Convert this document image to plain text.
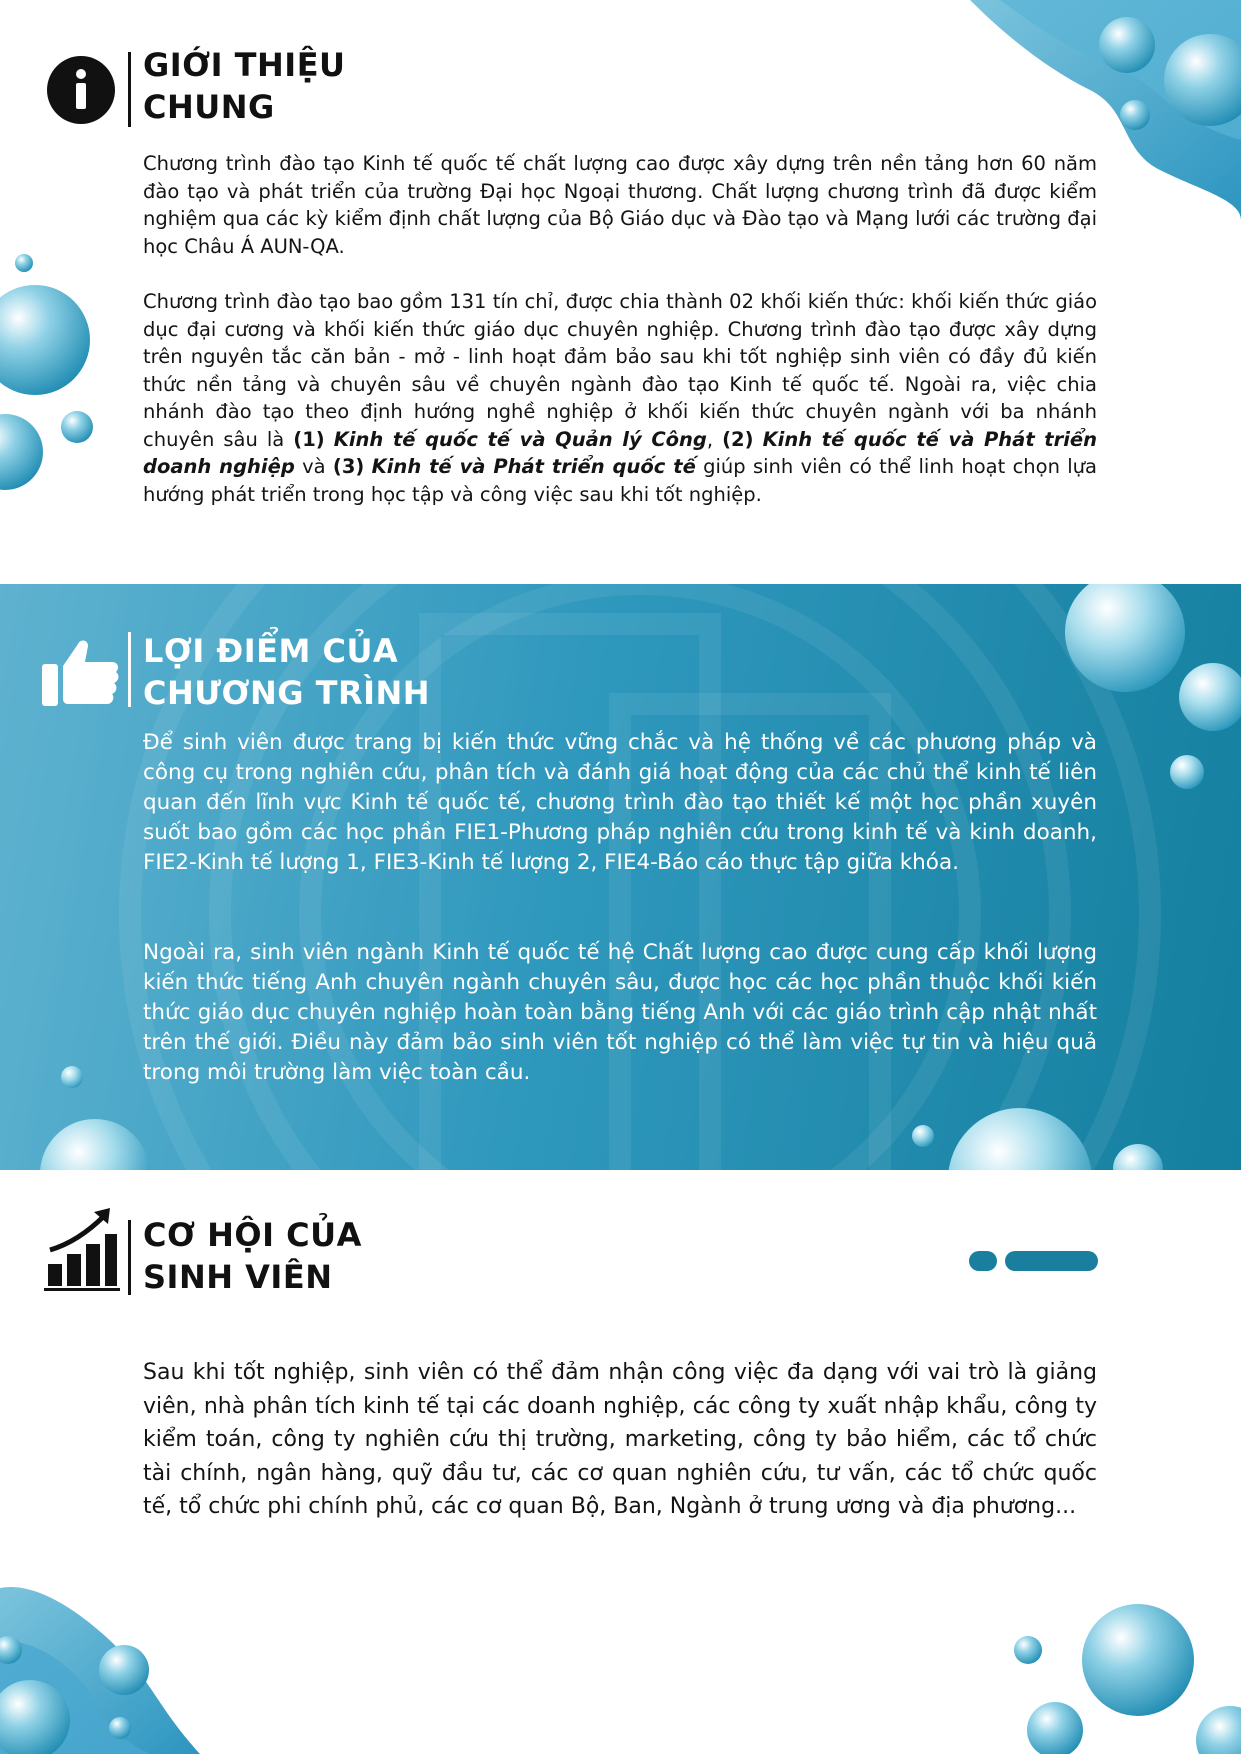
GIỚI THIỆU
CHUNG

Chương trình đào tạo Kinh tế quốc tế chất lượng cao được xây dựng trên nền tảng hơn 60 năm đào tạo và phát triển của trường Đại học Ngoại thương. Chất lượng chương trình đã được kiểm nghiệm qua các kỳ kiểm định chất lượng của Bộ Giáo dục và Đào tạo và Mạng lưới các trường đại học Châu Á AUN-QA.

Chương trình đào tạo bao gồm 131 tín chỉ, được chia thành 02 khối kiến thức: khối kiến thức giáo dục đại cương và khối kiến thức giáo dục chuyên nghiệp. Chương trình đào tạo được xây dựng trên nguyên tắc căn bản - mở - linh hoạt đảm bảo sau khi tốt nghiệp sinh viên có đầy đủ kiến thức nền tảng và chuyên sâu về chuyên ngành đào tạo Kinh tế quốc tế. Ngoài ra, việc chia nhánh đào tạo theo định hướng nghề nghiệp ở khối kiến thức chuyên ngành với ba nhánh chuyên sâu là (1) Kinh tế quốc tế và Quản lý Công, (2) Kinh tế quốc tế và Phát triển doanh nghiệp và (3) Kinh tế và Phát triển quốc tế giúp sinh viên có thể linh hoạt chọn lựa hướng phát triển trong học tập và công việc sau khi tốt nghiệp.

LỢI ĐIỂM CỦA
CHƯƠNG TRÌNH

Để sinh viên được trang bị kiến thức vững chắc và hệ thống về các phương pháp và công cụ trong nghiên cứu, phân tích và đánh giá hoạt động của các chủ thể kinh tế liên quan đến lĩnh vực Kinh tế quốc tế, chương trình đào tạo thiết kế một học phần xuyên suốt bao gồm các học phần FIE1-Phương pháp nghiên cứu trong kinh tế và kinh doanh, FIE2-Kinh tế lượng 1, FIE3-Kinh tế lượng 2, FIE4-Báo cáo thực tập giữa khóa.

Ngoài ra, sinh viên ngành Kinh tế quốc tế hệ Chất lượng cao được cung cấp khối lượng kiến thức tiếng Anh chuyên ngành chuyên sâu, được học các học phần thuộc khối kiến thức giáo dục chuyên nghiệp hoàn toàn bằng tiếng Anh với các giáo trình cập nhật nhất trên thế giới. Điều này đảm bảo sinh viên tốt nghiệp có thể làm việc tự tin và hiệu quả trong môi trường làm việc toàn cầu.

CƠ HỘI CỦA
SINH VIÊN

Sau khi tốt nghiệp, sinh viên có thể đảm nhận công việc đa dạng với vai trò là giảng viên, nhà phân tích kinh tế tại các doanh nghiệp, các công ty xuất nhập khẩu, công ty kiểm toán, công ty nghiên cứu thị trường, marketing, công ty bảo hiểm, các tổ chức tài chính, ngân hàng, quỹ đầu tư, các cơ quan nghiên cứu, tư vấn, các tổ chức quốc tế, tổ chức phi chính phủ, các cơ quan Bộ, Ban, Ngành ở trung ương và địa phương...
